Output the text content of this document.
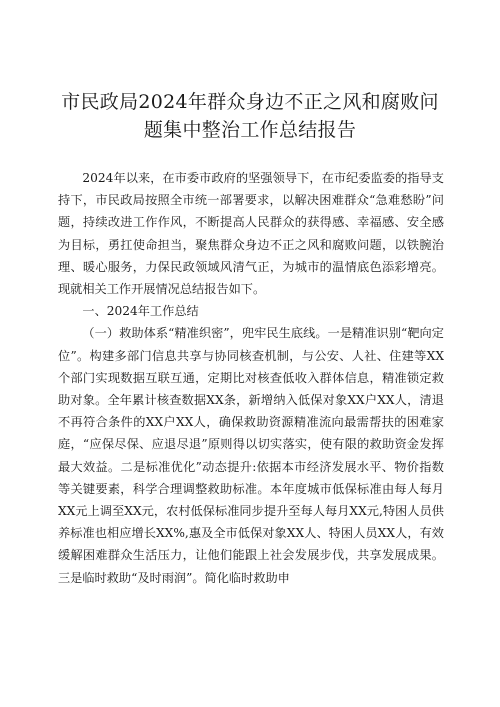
市民政局2024年群众身边不正之风和腐败问
题集中整治工作总结报告

2024年以来，在市委市政府的坚强领导下，在市纪委监委的指导支持下，市民政局按照全市统一部署要求，以解决困难群众“急难愁盼”问题，持续改进工作作风，不断提高人民群众的获得感、幸福感、安全感为目标，勇扛使命担当，聚焦群众身边不正之风和腐败问题，以铁腕治理、暖心服务，力保民政领域风清气正，为城市的温情底色添彩增亮。现就相关工作开展情况总结报告如下。

一、2024年工作总结

（一）救助体系“精准织密”，兜牢民生底线。一是精准识别“靶向定位”。构建多部门信息共享与协同核查机制，与公安、人社、住建等XX个部门实现数据互联互通，定期比对核查低收入群体信息，精准锁定救助对象。全年累计核查数据XX条，新增纳入低保对象XX户XX人，清退不再符合条件的XX户XX人，确保救助资源精准流向最需帮扶的困难家庭，“应保尽保、应退尽退”原则得以切实落实，使有限的救助资金发挥最大效益。二是标准优化”动态提升:依据本市经济发展水平、物价指数等关键要素，科学合理调整救助标准。本年度城市低保标准由每人每月XX元上调至XX元，农村低保标准同步提升至每人每月XX元,特困人员供养标准也相应增长XX%,惠及全市低保对象XX人、特困人员XX人，有效缓解困难群众生活压力，让他们能跟上社会发展步伐，共享发展成果。三是临时救助“及时雨润”。简化临时救助申
